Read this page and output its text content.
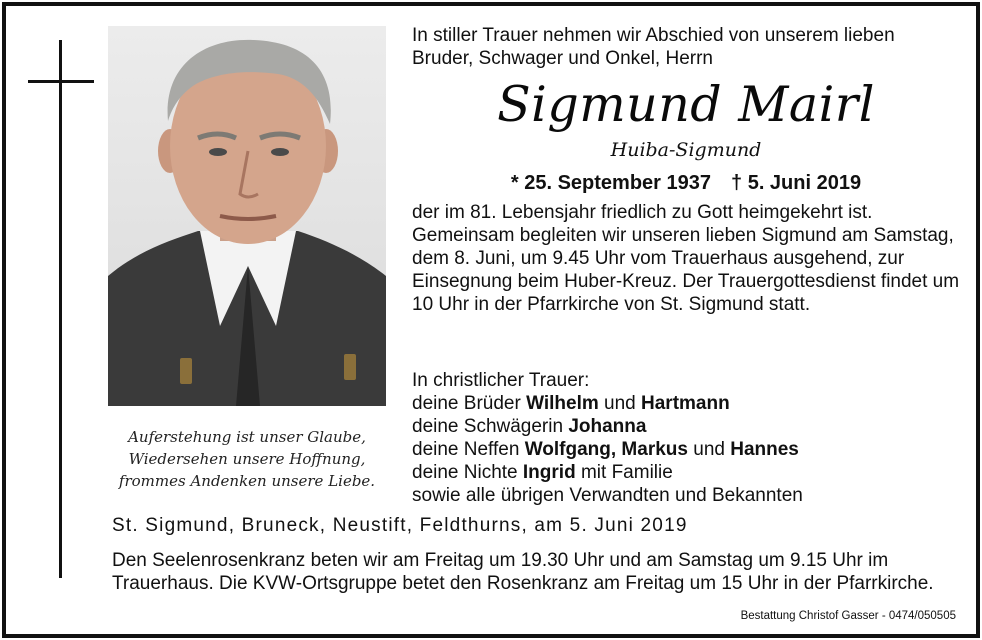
Auferstehung ist unser Glaube,
Wiedersehen unsere Hoffnung,
frommes Andenken unsere Liebe.
In stiller Trauer nehmen wir Abschied von unserem lieben Bruder, Schwager und Onkel, Herrn
Sigmund Mairl
Huiba-Sigmund
* 25. September 1937 † 5. Juni 2019

der im 81. Lebensjahr friedlich zu Gott heimgekehrt ist.

Gemeinsam begleiten wir unseren lieben Sigmund am Samstag, dem 8. Juni, um 9.45 Uhr vom Trauerhaus ausgehend, zur Einsegnung beim Huber-Kreuz. Der Trauergottesdienst findet um 10 Uhr in der Pfarrkirche von St. Sigmund statt.

In christlicher Trauer:
deine Brüder Wilhelm und Hartmann
deine Schwägerin Johanna
deine Neffen Wolfgang, Markus und Hannes
deine Nichte Ingrid mit Familie
sowie alle übrigen Verwandten und Bekannten
St. Sigmund, Bruneck, Neustift, Feldthurns, am 5. Juni 2019
Den Seelenrosenkranz beten wir am Freitag um 19.30 Uhr und am Samstag um 9.15 Uhr im Trauerhaus. Die KVW-Ortsgruppe betet den Rosenkranz am Freitag um 15 Uhr in der Pfarrkirche.
Bestattung Christof Gasser - 0474/050505
